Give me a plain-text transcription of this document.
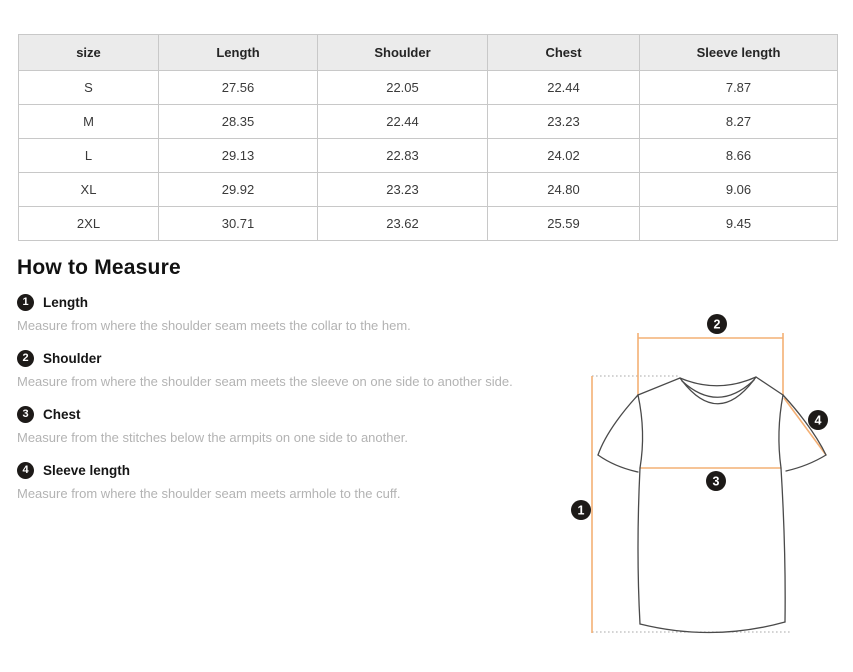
size	Length	Shoulder	Chest	Sleeve length
S	27.56	22.05	22.44	7.87
M	28.35	22.44	23.23	8.27
L	29.13	22.83	24.02	8.66
XL	29.92	23.23	24.80	9.06
2XL	30.71	23.62	25.59	9.45
How to Measure
1	Length

Measure from where the shoulder seam meets the collar to the hem.

2	Shoulder

Measure from where the shoulder seam meets the sleeve on one side to another side.

3	Chest

Measure from the stitches below the armpits on one side to another.

4	Sleeve length

Measure from where the shoulder seam meets armhole to the cuff.

1
2
3
4
